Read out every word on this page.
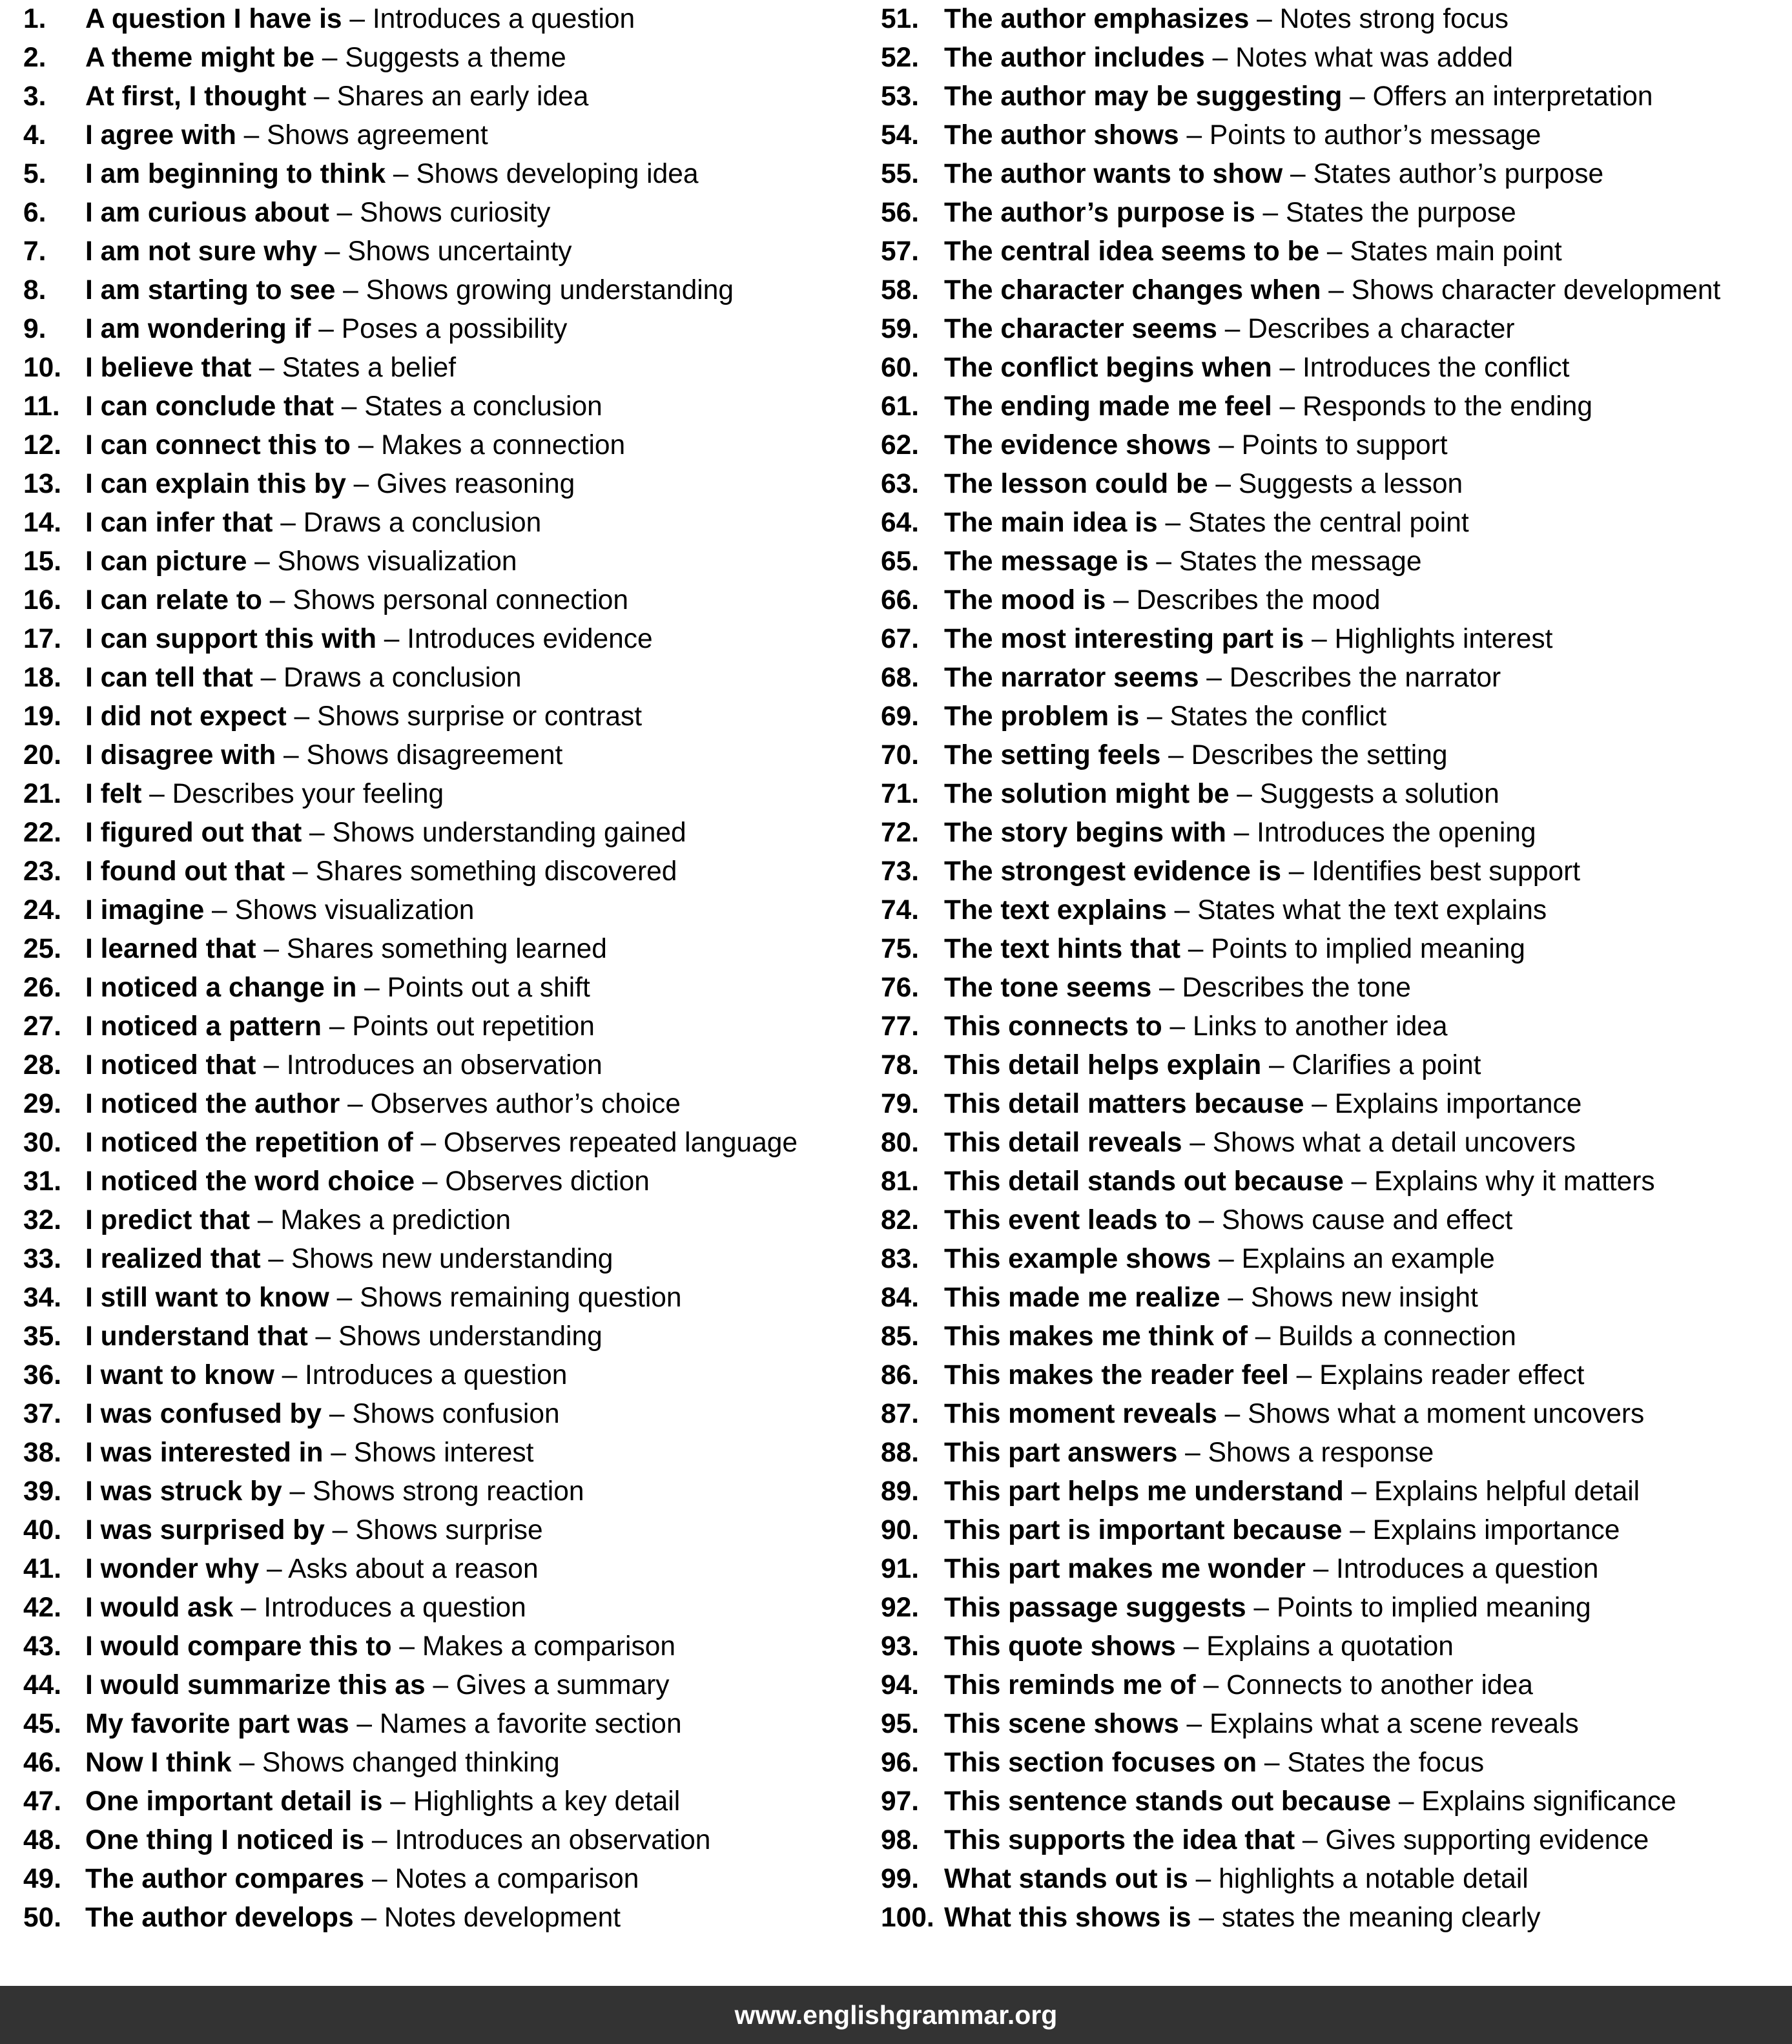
1. A question I have is – Introduces a question
2. A theme might be – Suggests a theme
3. At first, I thought – Shares an early idea
4. I agree with – Shows agreement
5. I am beginning to think – Shows developing idea
6. I am curious about – Shows curiosity
7. I am not sure why – Shows uncertainty
8. I am starting to see – Shows growing understanding
9. I am wondering if – Poses a possibility
10. I believe that – States a belief
11. I can conclude that – States a conclusion
12. I can connect this to – Makes a connection
13. I can explain this by – Gives reasoning
14. I can infer that – Draws a conclusion
15. I can picture – Shows visualization
16. I can relate to – Shows personal connection
17. I can support this with – Introduces evidence
18. I can tell that – Draws a conclusion
19. I did not expect – Shows surprise or contrast
20. I disagree with – Shows disagreement
21. I felt – Describes your feeling
22. I figured out that – Shows understanding gained
23. I found out that – Shares something discovered
24. I imagine – Shows visualization
25. I learned that – Shares something learned
26. I noticed a change in – Points out a shift
27. I noticed a pattern – Points out repetition
28. I noticed that – Introduces an observation
29. I noticed the author – Observes author’s choice
30. I noticed the repetition of – Observes repeated language
31. I noticed the word choice – Observes diction
32. I predict that – Makes a prediction
33. I realized that – Shows new understanding
34. I still want to know – Shows remaining question
35. I understand that – Shows understanding
36. I want to know – Introduces a question
37. I was confused by – Shows confusion
38. I was interested in – Shows interest
39. I was struck by – Shows strong reaction
40. I was surprised by – Shows surprise
41. I wonder why – Asks about a reason
42. I would ask – Introduces a question
43. I would compare this to – Makes a comparison
44. I would summarize this as – Gives a summary
45. My favorite part was – Names a favorite section
46. Now I think – Shows changed thinking
47. One important detail is – Highlights a key detail
48. One thing I noticed is – Introduces an observation
49. The author compares – Notes a comparison
50. The author develops – Notes development
51. The author emphasizes – Notes strong focus
52. The author includes – Notes what was added
53. The author may be suggesting – Offers an interpretation
54. The author shows – Points to author’s message
55. The author wants to show – States author’s purpose
56. The author’s purpose is – States the purpose
57. The central idea seems to be – States main point
58. The character changes when – Shows character development
59. The character seems – Describes a character
60. The conflict begins when – Introduces the conflict
61. The ending made me feel – Responds to the ending
62. The evidence shows – Points to support
63. The lesson could be – Suggests a lesson
64. The main idea is – States the central point
65. The message is – States the message
66. The mood is – Describes the mood
67. The most interesting part is – Highlights interest
68. The narrator seems – Describes the narrator
69. The problem is – States the conflict
70. The setting feels – Describes the setting
71. The solution might be – Suggests a solution
72. The story begins with – Introduces the opening
73. The strongest evidence is – Identifies best support
74. The text explains – States what the text explains
75. The text hints that – Points to implied meaning
76. The tone seems – Describes the tone
77. This connects to – Links to another idea
78. This detail helps explain – Clarifies a point
79. This detail matters because – Explains importance
80. This detail reveals – Shows what a detail uncovers
81. This detail stands out because – Explains why it matters
82. This event leads to – Shows cause and effect
83. This example shows – Explains an example
84. This made me realize – Shows new insight
85. This makes me think of – Builds a connection
86. This makes the reader feel – Explains reader effect
87. This moment reveals – Shows what a moment uncovers
88. This part answers – Shows a response
89. This part helps me understand – Explains helpful detail
90. This part is important because – Explains importance
91. This part makes me wonder – Introduces a question
92. This passage suggests – Points to implied meaning
93. This quote shows – Explains a quotation
94. This reminds me of – Connects to another idea
95. This scene shows – Explains what a scene reveals
96. This section focuses on – States the focus
97. This sentence stands out because – Explains significance
98. This supports the idea that – Gives supporting evidence
99. What stands out is – highlights a notable detail
100. What this shows is – states the meaning clearly
www.englishgrammar.org
